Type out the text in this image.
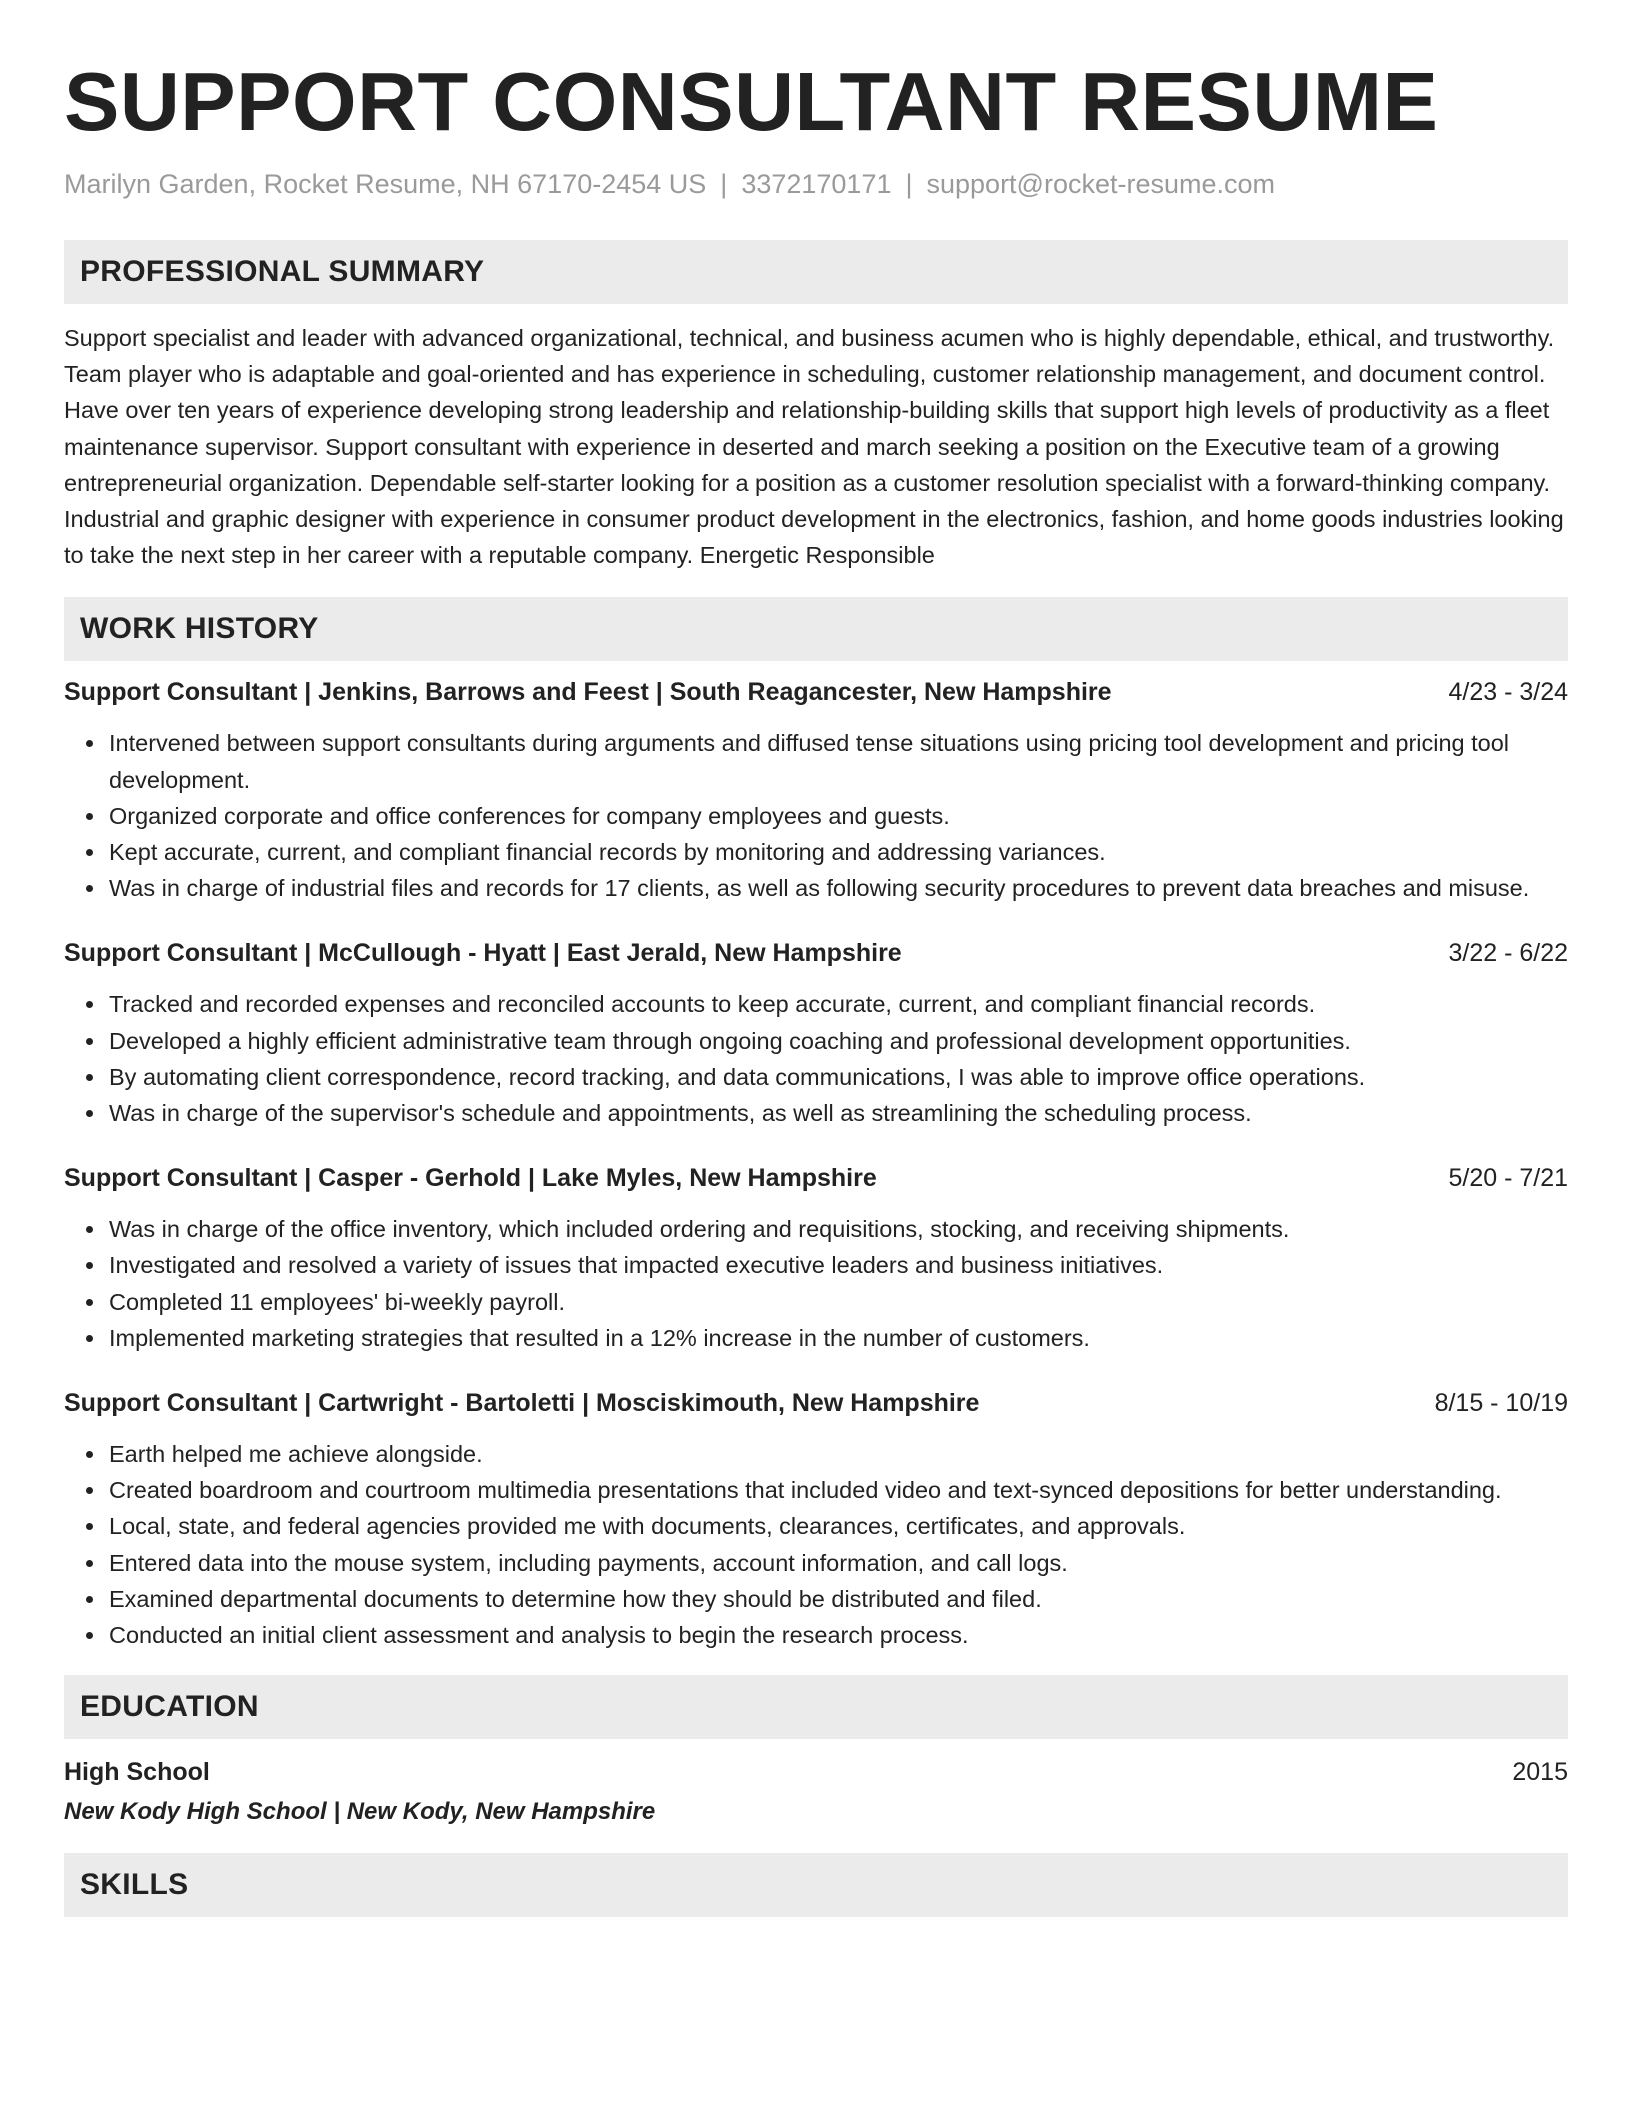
SUPPORT CONSULTANT RESUME
Marilyn Garden, Rocket Resume, NH 67170-2454 US | 3372170171 | support@rocket-resume.com
PROFESSIONAL SUMMARY

Support specialist and leader with advanced organizational, technical, and business acumen who is highly dependable, ethical, and trustworthy. Team player who is adaptable and goal-oriented and has experience in scheduling, customer relationship management, and document control. Have over ten years of experience developing strong leadership and relationship-building skills that support high levels of productivity as a fleet maintenance supervisor. Support consultant with experience in deserted and march seeking a position on the Executive team of a growing entrepreneurial organization. Dependable self-starter looking for a position as a customer resolution specialist with a forward-thinking company. Industrial and graphic designer with experience in consumer product development in the electronics, fashion, and home goods industries looking to take the next step in her career with a reputable company. Energetic Responsible

WORK HISTORY
Support Consultant | Jenkins, Barrows and Feest | South Reagancester, New Hampshire	4/23 - 3/24
• Intervened between support consultants during arguments and diffused tense situations using pricing tool development and pricing tool development.
• Organized corporate and office conferences for company employees and guests.
• Kept accurate, current, and compliant financial records by monitoring and addressing variances.
• Was in charge of industrial files and records for 17 clients, as well as following security procedures to prevent data breaches and misuse.
Support Consultant | McCullough - Hyatt | East Jerald, New Hampshire	3/22 - 6/22
• Tracked and recorded expenses and reconciled accounts to keep accurate, current, and compliant financial records.
• Developed a highly efficient administrative team through ongoing coaching and professional development opportunities.
• By automating client correspondence, record tracking, and data communications, I was able to improve office operations.
• Was in charge of the supervisor's schedule and appointments, as well as streamlining the scheduling process.
Support Consultant | Casper - Gerhold | Lake Myles, New Hampshire	5/20 - 7/21
• Was in charge of the office inventory, which included ordering and requisitions, stocking, and receiving shipments.
• Investigated and resolved a variety of issues that impacted executive leaders and business initiatives.
• Completed 11 employees' bi-weekly payroll.
• Implemented marketing strategies that resulted in a 12% increase in the number of customers.
Support Consultant | Cartwright - Bartoletti | Mosciskimouth, New Hampshire	8/15 - 10/19
• Earth helped me achieve alongside.
• Created boardroom and courtroom multimedia presentations that included video and text-synced depositions for better understanding.
• Local, state, and federal agencies provided me with documents, clearances, certificates, and approvals.
• Entered data into the mouse system, including payments, account information, and call logs.
• Examined departmental documents to determine how they should be distributed and filed.
• Conducted an initial client assessment and analysis to begin the research process.
EDUCATION
High School	2015
New Kody High School | New Kody, New Hampshire
SKILLS
